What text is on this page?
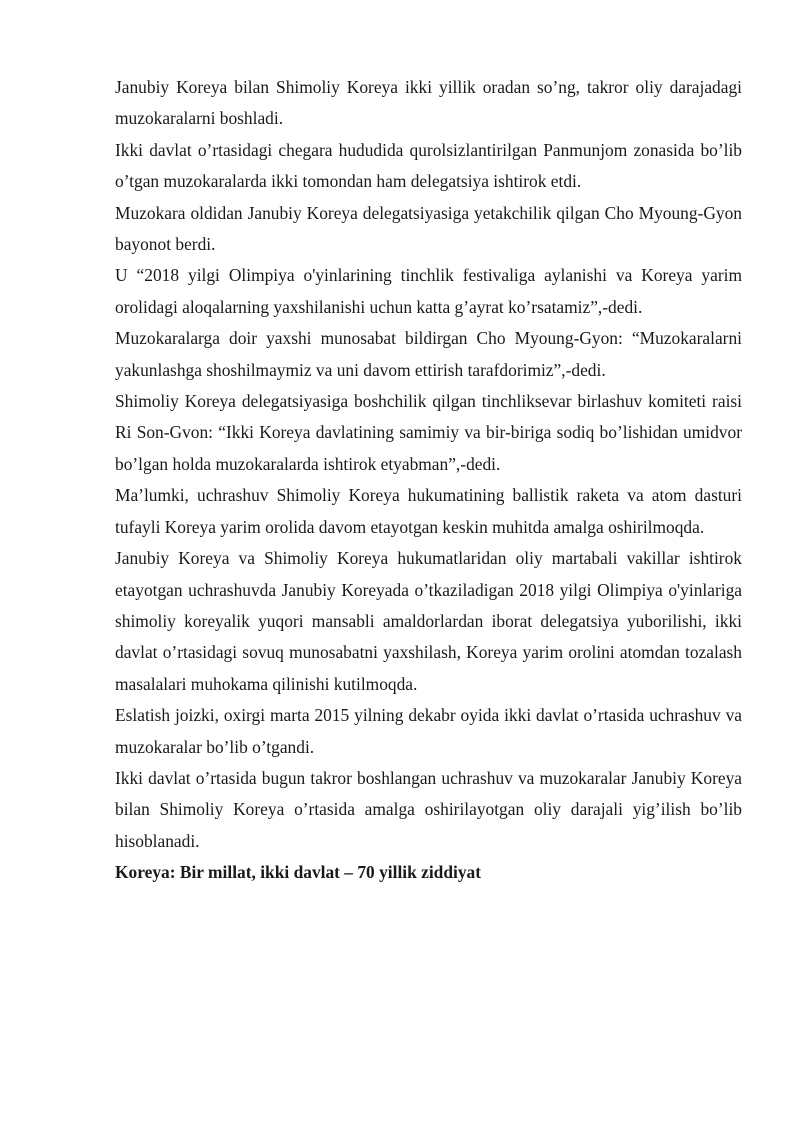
Janubiy Koreya bilan Shimoliy Koreya ikki yillik oradan so’ng, takror oliy darajadagi muzokaralarni boshladi.

Ikki davlat o’rtasidagi chegara hududida qurolsizlantirilgan Panmunjom zonasida bo’lib o’tgan muzokaralarda ikki tomondan ham delegatsiya ishtirok etdi.

Muzokara oldidan Janubiy Koreya delegatsiyasiga yetakchilik qilgan Cho Myoung-Gyon bayonot berdi.

U “2018 yilgi Olimpiya o'yinlarining tinchlik festivaliga aylanishi va Koreya yarim orolidagi aloqalarning yaxshilanishi uchun katta g’ayrat ko’rsatamiz”,-dedi.

Muzokaralarga doir yaxshi munosabat bildirgan Cho Myoung-Gyon: “Muzokaralarni yakunlashga shoshilmaymiz va uni davom ettirish tarafdorimiz”,-dedi.

Shimoliy Koreya delegatsiyasiga boshchilik qilgan tinchliksevar birlashuv komiteti raisi Ri Son-Gvon: “Ikki Koreya davlatining samimiy va bir-biriga sodiq bo’lishidan umidvor bo’lgan holda muzokaralarda ishtirok etyabman”,-dedi.

Ma’lumki, uchrashuv Shimoliy Koreya hukumatining ballistik raketa va atom dasturi tufayli Koreya yarim orolida davom etayotgan keskin muhitda amalga oshirilmoqda.

Janubiy Koreya va Shimoliy Koreya hukumatlaridan oliy martabali vakillar ishtirok etayotgan uchrashuvda Janubiy Koreyada o’tkaziladigan 2018 yilgi Olimpiya o'yinlariga shimoliy koreyalik yuqori mansabli amaldorlardan iborat delegatsiya yuborilishi, ikki davlat o’rtasidagi sovuq munosabatni yaxshilash, Koreya yarim orolini atomdan tozalash masalalari muhokama qilinishi kutilmoqda.

Eslatish joizki, oxirgi marta 2015 yilning dekabr oyida ikki davlat o’rtasida uchrashuv va muzokaralar bo’lib o’tgandi.

Ikki davlat o’rtasida bugun takror boshlangan uchrashuv va muzokaralar Janubiy Koreya bilan Shimoliy Koreya o’rtasida amalga oshirilayotgan oliy darajali yig’ilish bo’lib hisoblanadi.

Koreya: Bir millat, ikki davlat – 70 yillik ziddiyat
